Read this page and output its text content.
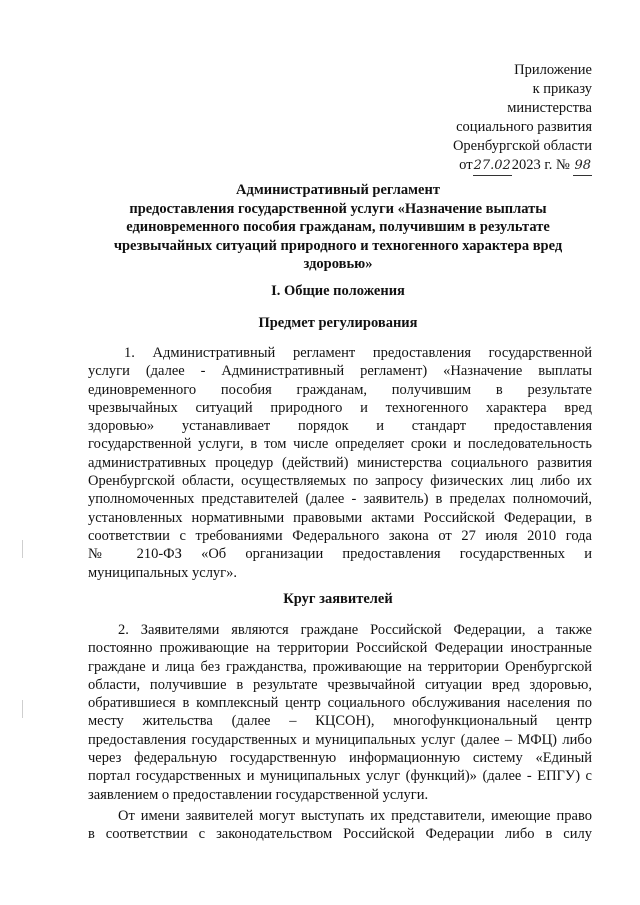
Приложение
к приказу
министерства
социального развития
Оренбургской области
от27.022023 г. № 98
Административный регламент
предоставления государственной услуги «Назначение выплаты
единовременного пособия гражданам, получившим в результате
чрезвычайных ситуаций природного и техногенного характера вред
здоровью»
I. Общие положения
Предмет регулирования
1. Административный регламент предоставления государственной
услуги (далее - Административный регламент) «Назначение выплаты
единовременного пособия гражданам, получившим в результате
чрезвычайных ситуаций природного и техногенного характера вред
здоровью» устанавливает порядок и стандарт предоставления
государственной услуги, в том числе определяет сроки и последовательность
административных процедур (действий) министерства социального развития
Оренбургской области, осуществляемых по запросу физических лиц либо их
уполномоченных представителей (далее - заявитель) в пределах полномочий,
установленных нормативными правовыми актами Российской Федерации, в
соответствии с требованиями Федерального закона от 27 июля 2010 года
№ 210-ФЗ «Об организации предоставления государственных и
муниципальных услуг».
Круг заявителей
2. Заявителями являются граждане Российской Федерации, а также
постоянно проживающие на территории Российской Федерации иностранные
граждане и лица без гражданства, проживающие на территории Оренбургской
области, получившие в результате чрезвычайной ситуации вред здоровью,
обратившиеся в комплексный центр социального обслуживания населения по
месту жительства (далее – КЦСОН), многофункциональный центр
предоставления государственных и муниципальных услуг (далее – МФЦ) либо
через федеральную государственную информационную систему «Единый
портал государственных и муниципальных услуг (функций)» (далее - ЕПГУ) с
заявлением о предоставлении государственной услуги.
От имени заявителей могут выступать их представители, имеющие право
в соответствии с законодательством Российской Федерации либо в силу
